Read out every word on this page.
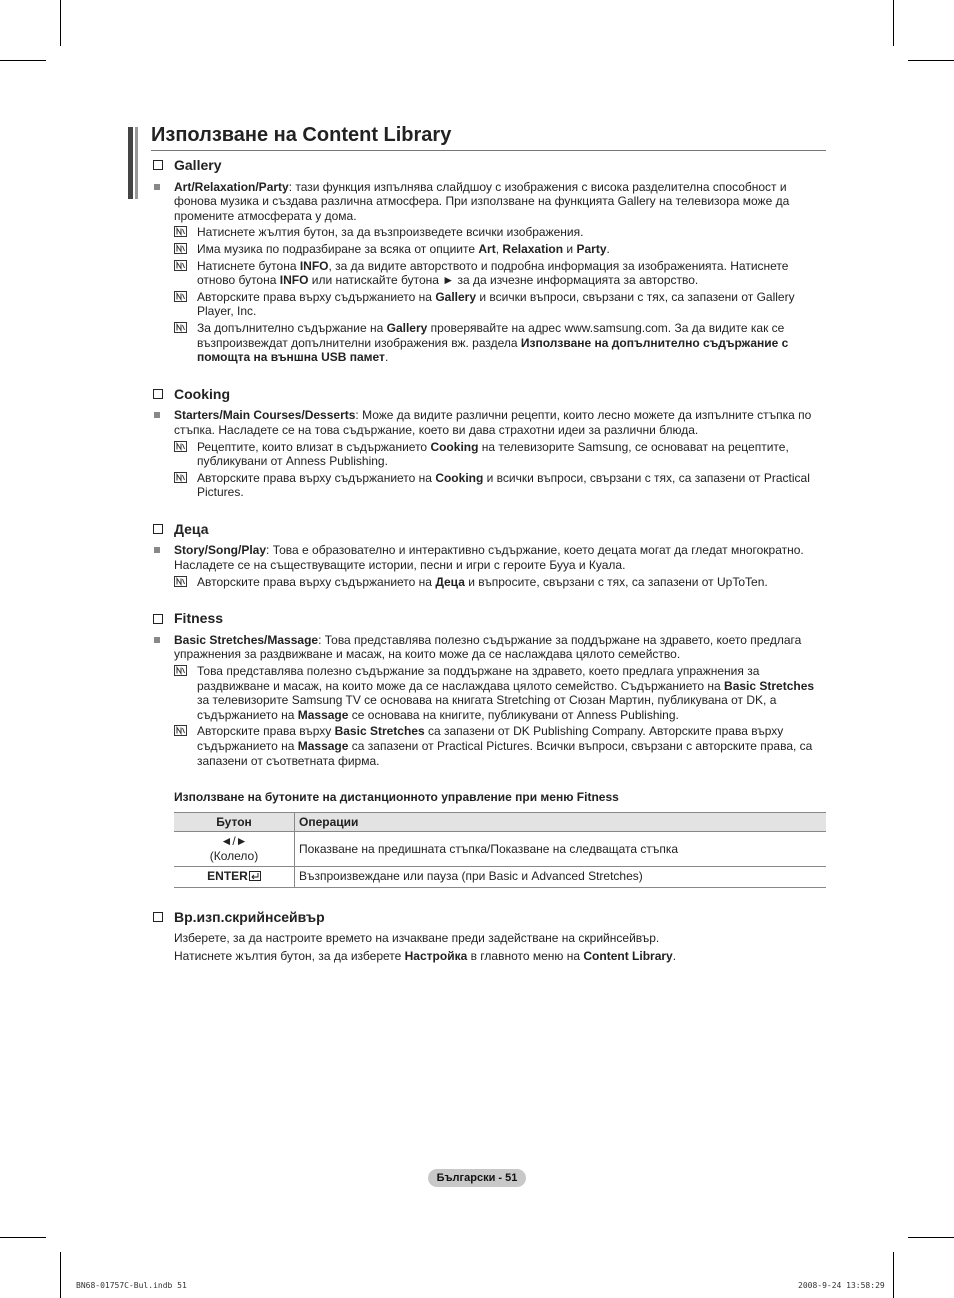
Използване на Content Library
Gallery
Art/Relaxation/Party: тази функция изпълнява слайдшоу с изображения с висока разделителна способност и фонова музика и създава различна атмосфера. При използване на функцията Gallery на телевизора може да промените атмосферата у дома.
Натиснете жълтия бутон, за да възпроизведете всички изображения.
Има музика по подразбиране за всяка от опциите Art, Relaxation и Party.
Натиснете бутона INFO, за да видите авторството и подробна информация за изображенията. Натиснете отново бутона INFO или натискайте бутона ► за да изчезне информацията за авторство.
Авторските права върху съдържанието на Gallery и всички въпроси, свързани с тях, са запазени от Gallery Player, Inc.
За допълнително съдържание на Gallery проверявайте на адрес www.samsung.com. За да видите как се възпроизвеждат допълнителни изображения вж. раздела Използване на допълнително съдържание с помощта на външна USB памет.
Cooking
Starters/Main Courses/Desserts: Може да видите различни рецепти, които лесно можете да изпълните стъпка по стъпка. Насладете се на това съдържание, което ви дава страхотни идеи за различни блюда.
Рецептите, които влизат в съдържанието Cooking на телевизорите Samsung, се основават на рецептите, публикувани от Anness Publishing.
Авторските права върху съдържанието на Cooking и всички въпроси, свързани с тях, са запазени от Practical Pictures.
Деца
Story/Song/Play: Това е образователно и интерактивно съдържание, което децата могат да гледат многократно. Насладете се на съществуващите истории, песни и игри с героите Бууа и Куала.
Авторските права върху съдържанието на Деца и въпросите, свързани с тях, са запазени от UpToTen.
Fitness
Basic Stretches/Massage: Това представлява полезно съдържание за поддържане на здравето, което предлага упражнения за раздвижване и масаж, на които може да се наслаждава цялото семейство.
Това представлява полезно съдържание за поддържане на здравето, което предлага упражнения за раздвижване и масаж, на които може да се наслаждава цялото семейство. Съдържанието на Basic Stretches за телевизорите Samsung TV се основава на книгата Stretching от Сюзан Мартин, публикувана от DK, а съдържанието на Massage се основава на книгите, публикувани от Anness Publishing.
Авторските права върху Basic Stretches са запазени от DK Publishing Company. Авторските права върху съдържанието на Massage са запазени от Practical Pictures. Всички въпроси, свързани с авторските права, са запазени от съответната фирма.
Използване на бутоните на дистанционното управление при меню Fitness
Бутон	Операции

◄/►
(Колело)	Показване на предишната стъпка/Показване на следващата стъпка
ENTER	Възпроизвеждане или пауза (при Basic и Advanced Stretches)
Вр.изп.скрийнсейвър
Изберете, за да настроите времето на изчакване преди задействане на скрийнсейвър.
Натиснете жълтия бутон, за да изберете Настройка в главното меню на Content Library.
Български - 51
BN68-01757C-Bul.indb 51	2008-9-24 13:58:29
